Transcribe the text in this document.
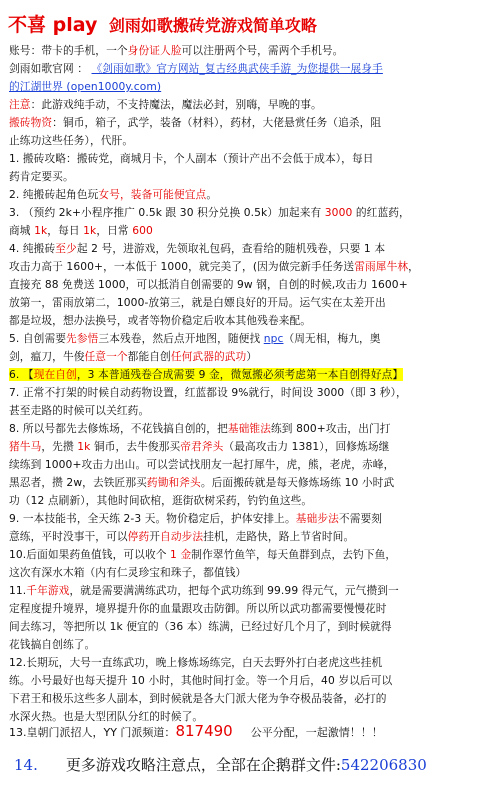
不喜 play 剑雨如歌搬砖党游戏简单攻略
账号：带卡的手机，一个身份证人脸可以注册两个号，需两个手机号。
剑雨如歌官网 ： 《剑雨如歌》官方网站_复古经典武侠手游_为您提供一展身手
的江湖世界 (open1000y.com)
注意：此游戏纯手动，不支持魔法，魔法必封，别嗨，早晚的事。
搬砖物资：铜币，箱子，武学，装备（材料），药材，大佬悬赏任务（追杀，阻
止练功这些任务），代肝。
1. 搬砖攻略：搬砖党，商城月卡，个人副本（预计产出不会低于成本），每日
药肯定要买。
2. 纯搬砖起角色玩女号，装备可能便宜点。
3. （预约 2k+小程序推广 0.5k 跟 30 积分兑换 0.5k）加起来有 3000 的红蓝药，
商城 1k，每日 1k，日常 600
4. 纯搬砖至少起 2 号，进游戏，先领取礼包码，查看给的随机残卷，只要 1 本
攻击力高于 1600+，一本低于 1000，就完美了，(因为做完新手任务送雷雨犀牛林，
直接充 88 免费送 1000，可以抵消自创需要的 9w 钢，自创的时候,攻击力 1600+
放第一，雷雨放第二，1000-放第三，就是白嫖良好的开局。运气实在太差开出
都是垃圾，想办法换号，或者等物价稳定后收本其他残卷来配。
5. 自创需要先参悟三本残卷，然后点开地图，随便找 npc（周无相，梅九，奥
剑，瘟刀，牛俊任意一个都能自创任何武器的武功）
6. 【现在自创，3 本普通残卷合成需要 9 金，微氪搬必须考虑第一本自创得好点】
7. 正常不打架的时候自动药物设置，红蓝都设 9%就行，时间设 3000（即 3 秒），
甚至走路的时候可以关红药。
8. 所以号都先去修炼场，不花钱搞自创的，把基础锥法练到 800+攻击，出门打
猪牛马，先攒 1k 铜币，去牛俊那买帝君斧头（最高攻击力 1381），回修炼场继
续练到 1000+攻击力出山。可以尝试找朋友一起打犀牛，虎，熊，老虎，赤峰，
黑忍者，攒 2w，去铁匠那买药锄和斧头。后面搬砖就是每天修炼场练 10 小时武
功（12 点刷新），其他时间砍棺，逛街砍树采药，钓钓鱼这些。
9. 一本技能书，全天练 2-3 天。物价稳定后，护体安排上。基础步法不需要刻
意练，平时没事干，可以停药开自动步法挂机，走路快，路上节省时间。
10.后面如果药鱼值钱，可以收个 1 金制作翠竹鱼竿，每天鱼群到点，去钓下鱼，
这次有深水木箱（内有仁灵珍宝和珠子，都值钱）
11.千年游戏，就是需要满满练武功，把每个武功练到 99.99 得元气，元气攒到一
定程度提升境界，境界提升你的血量跟攻击防御。所以所以武功都需要慢慢花时
间去练习，等把所以 1k 便宜的（36 本）练满，已经过好几个月了，到时候就得
花钱搞自创练了。
12.长期玩，大号一直练武功，晚上修炼场练完，白天去野外打白老虎这些挂机
练。小号最好也每天提升 10 小时，其他时间打金。等一个月后，40 岁以后可以
下君王和极乐这些多人副本，到时候就是各大门派大佬为争夺极品装备，必打的
水深火热。也是大型团队分红的时候了。
13.皇朝门派招人，YY 门派频道：817490 公平分配，一起激情！！！
14. 更多游戏攻略注意点，全部在企鹅群文件:542206830
